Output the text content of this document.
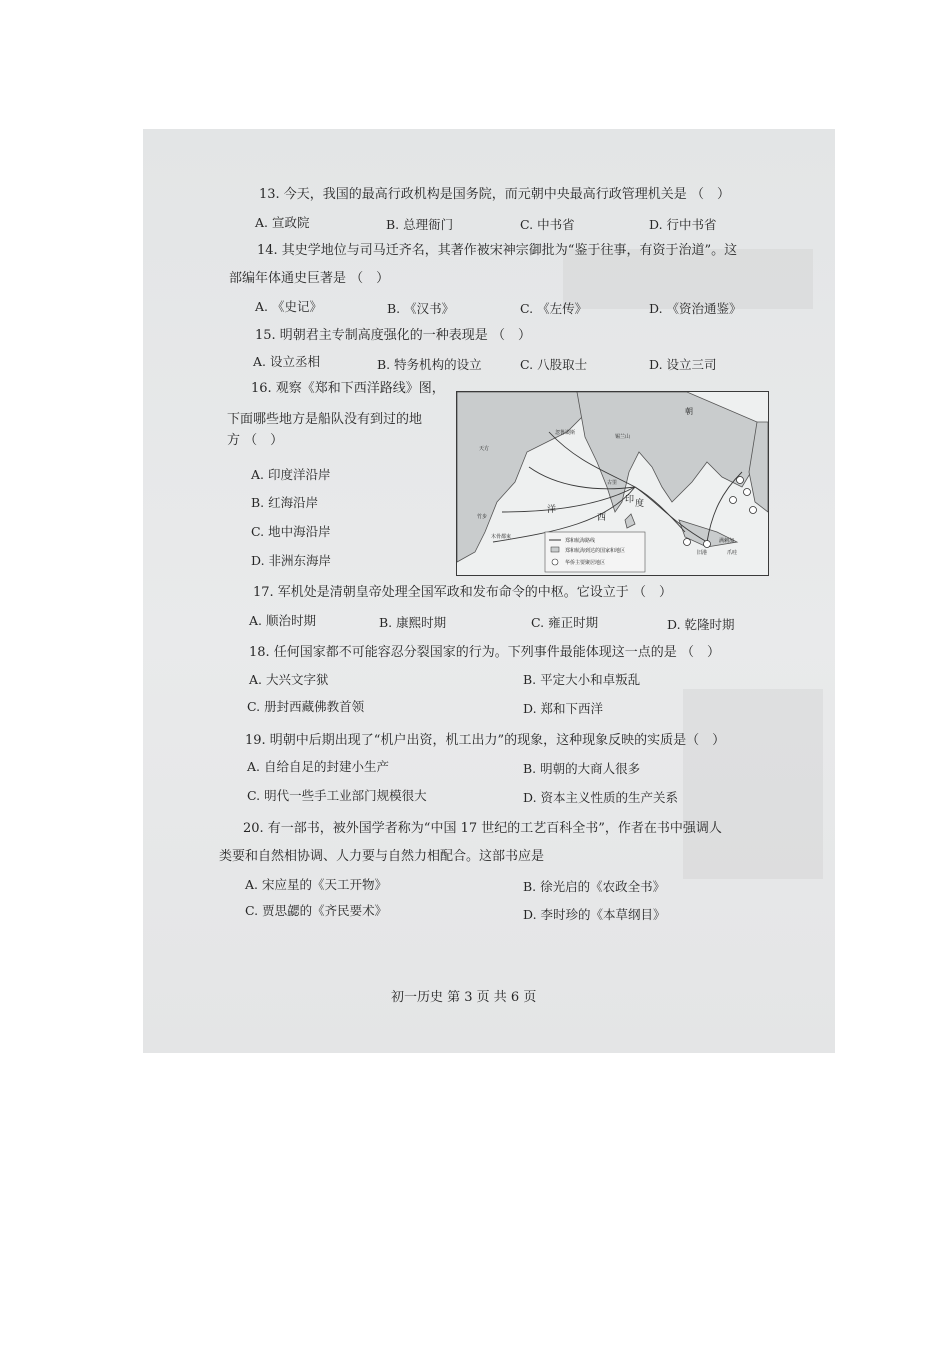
13. 今天，我国的最高行政机构是国务院，而元朝中央最高行政管理机关是 （　）
A. 宣政院	B. 总理衙门	C. 中书省	D. 行中书省
14. 其史学地位与司马迁齐名，其著作被宋神宗御批为“鉴于往事，有资于治道”。这
部编年体通史巨著是 （　）
A. 《史记》	B. 《汉书》	C. 《左传》	D. 《资治通鉴》
15. 明朝君主专制高度强化的一种表现是 （　）
A. 设立丞相	B. 特务机构的设立	C. 八股取士	D. 设立三司
16. 观察《郑和下西洋路线》图，
下面哪些地方是船队没有到过的地
方 （　）
A. 印度洋沿岸
B. 红海沿岸
C. 地中海沿岸
D. 非洲东海岸
朝
锡兰山
古里
忽鲁谟斯
满剌加
旧港	爪哇
竹步
木骨都束
天方
印 度
洋
西
郑和航海路线
郑和航海到达的国家和地区
华侨主要聚居地区
17. 军机处是清朝皇帝处理全国军政和发布命令的中枢。它设立于 （　）
A. 顺治时期	B. 康熙时期	C. 雍正时期	D. 乾隆时期
18. 任何国家都不可能容忍分裂国家的行为。下列事件最能体现这一点的是 （　）
A. 大兴文字狱	B. 平定大小和卓叛乱
C. 册封西藏佛教首领	D. 郑和下西洋
19. 明朝中后期出现了“机户出资，机工出力”的现象，这种现象反映的实质是（　）
A. 自给自足的封建小生产	B. 明朝的大商人很多
C. 明代一些手工业部门规模很大	D. 资本主义性质的生产关系
20. 有一部书，被外国学者称为“中国 17 世纪的工艺百科全书”，作者在书中强调人
类要和自然相协调、人力要与自然力相配合。这部书应是
A. 宋应星的《天工开物》	B. 徐光启的《农政全书》
C. 贾思勰的《齐民要术》	D. 李时珍的《本草纲目》
初一历史 第 3 页 共 6 页
